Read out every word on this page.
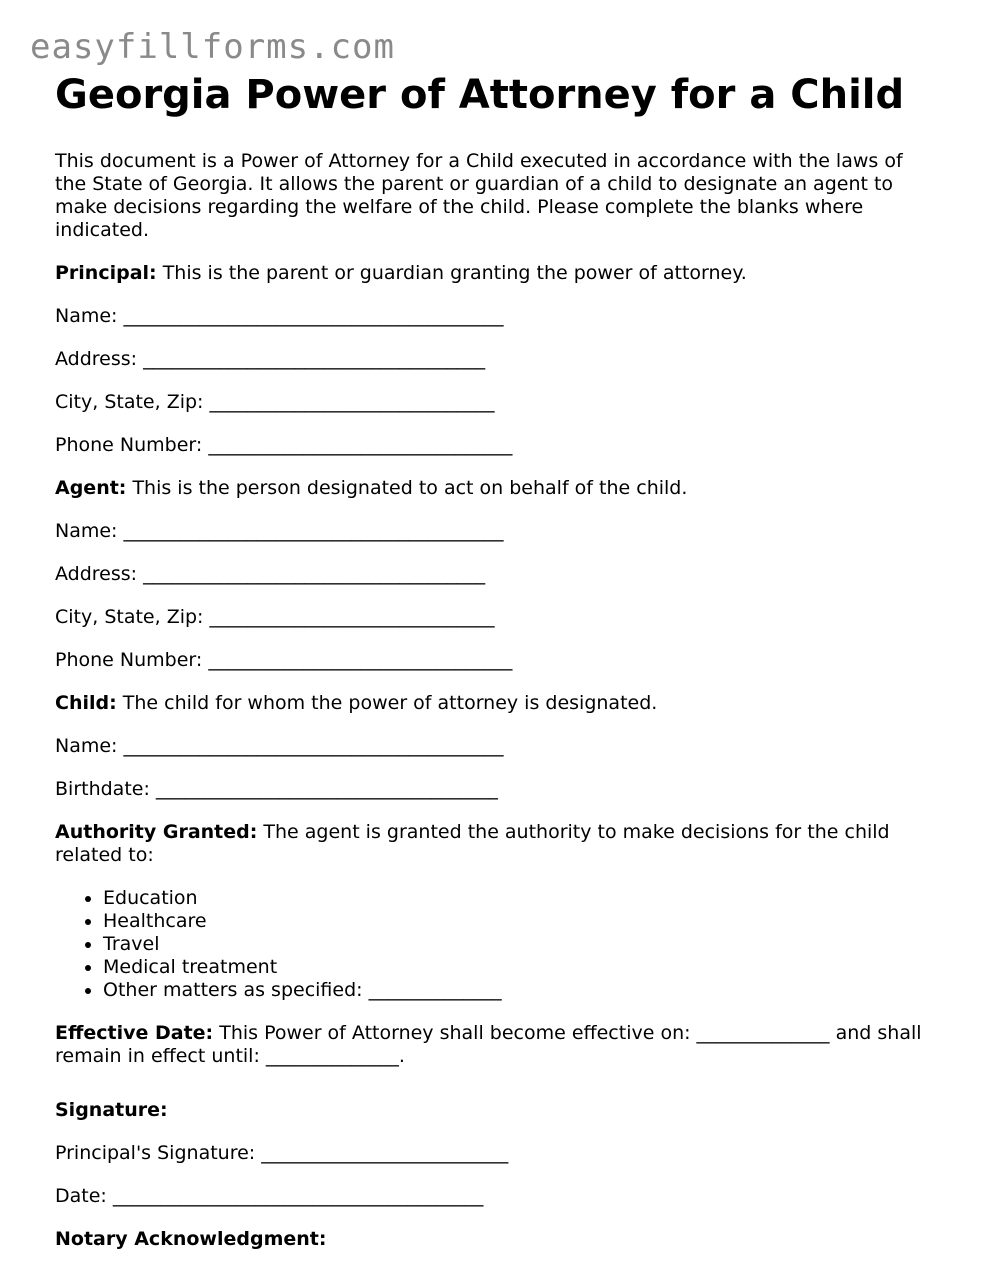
easyfillforms.com
Georgia Power of Attorney for a Child

This document is a Power of Attorney for a Child executed in accordance with the laws of the State of Georgia. It allows the parent or guardian of a child to designate an agent to make decisions regarding the welfare of the child. Please complete the blanks where indicated.

Principal: This is the parent or guardian granting the power of attorney.

Name: ________________________________________
Address: ____________________________________
City, State, Zip: ______________________________
Phone Number: ________________________________

Agent: This is the person designated to act on behalf of the child.

Name: ________________________________________
Address: ____________________________________
City, State, Zip: ______________________________
Phone Number: ________________________________

Child: The child for whom the power of attorney is designated.

Name: ________________________________________
Birthdate: ____________________________________

Authority Granted: The agent is granted the authority to make decisions for the child related to:

• Education
• Healthcare
• Travel
• Medical treatment
• Other matters as specified: ______________

Effective Date: This Power of Attorney shall become effective on: ______________ and shall remain in effect until: ______________.

Signature:
Principal's Signature: __________________________
Date: _______________________________________
Notary Acknowledgment:
